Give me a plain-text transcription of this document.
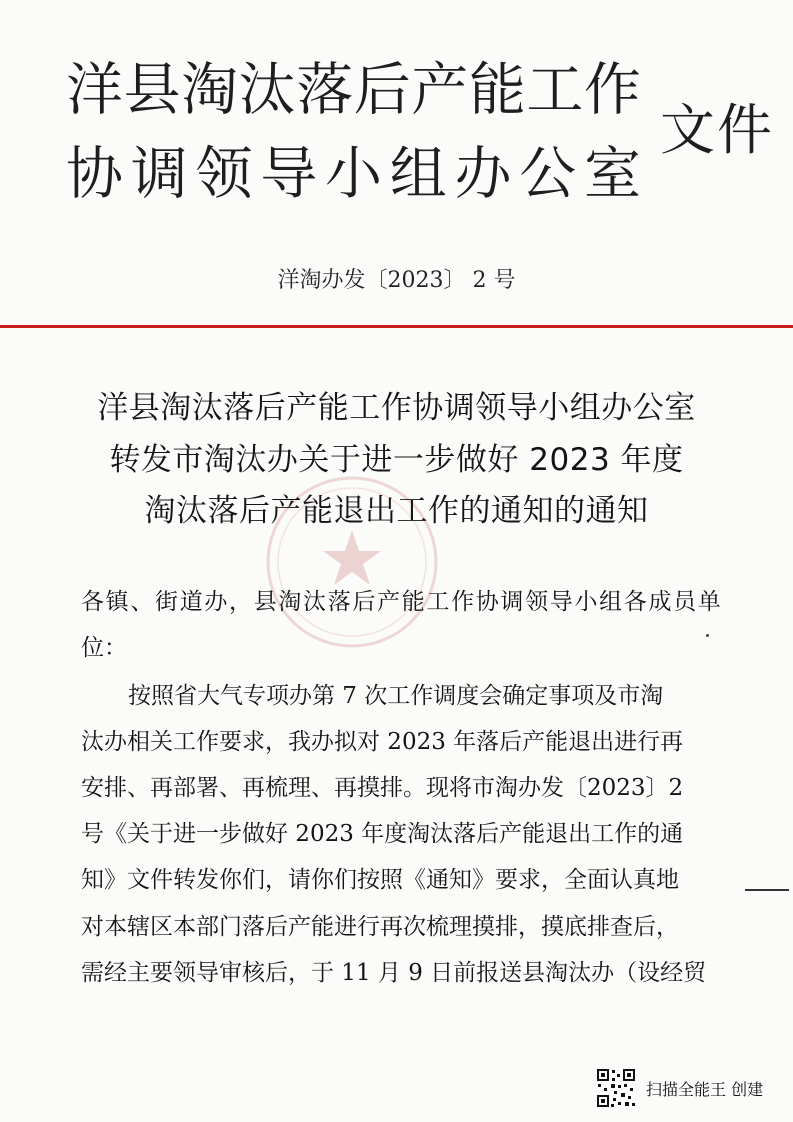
洋 县 淘 汰 落 后 产 能 工 作
协 调 领 导 小 组 办 公 室
文件
洋淘办发〔2023〕 2 号
洋县淘汰落后产能工作协调领导小组办公室
转发市淘汰办关于进一步做好 2023 年度
淘汰落后产能退出工作的通知的通知
各 镇 、 街 道 办 ， 县 淘 汰 落 后 产 能 工 作 协 调 领 导 小 组 各 成 员 单
位：
按照省大气专项办第 7 次工作调度会确定事项及市淘
汰办相关工作要求，我办拟对 2023 年落后产能退出进行再
安排、再部署、再梳理、再摸排。现将市淘办发〔2023〕2
号《关于进一步做好 2023 年度淘汰落后产能退出工作的通
知》文件转发你们，请你们按照《通知》要求，全面认真地
对本辖区本部门落后产能进行再次梳理摸排，摸底排查后，
需经主要领导审核后，于 11 月 9 日前报送县淘汰办（设经贸
扫描全能王 创建
